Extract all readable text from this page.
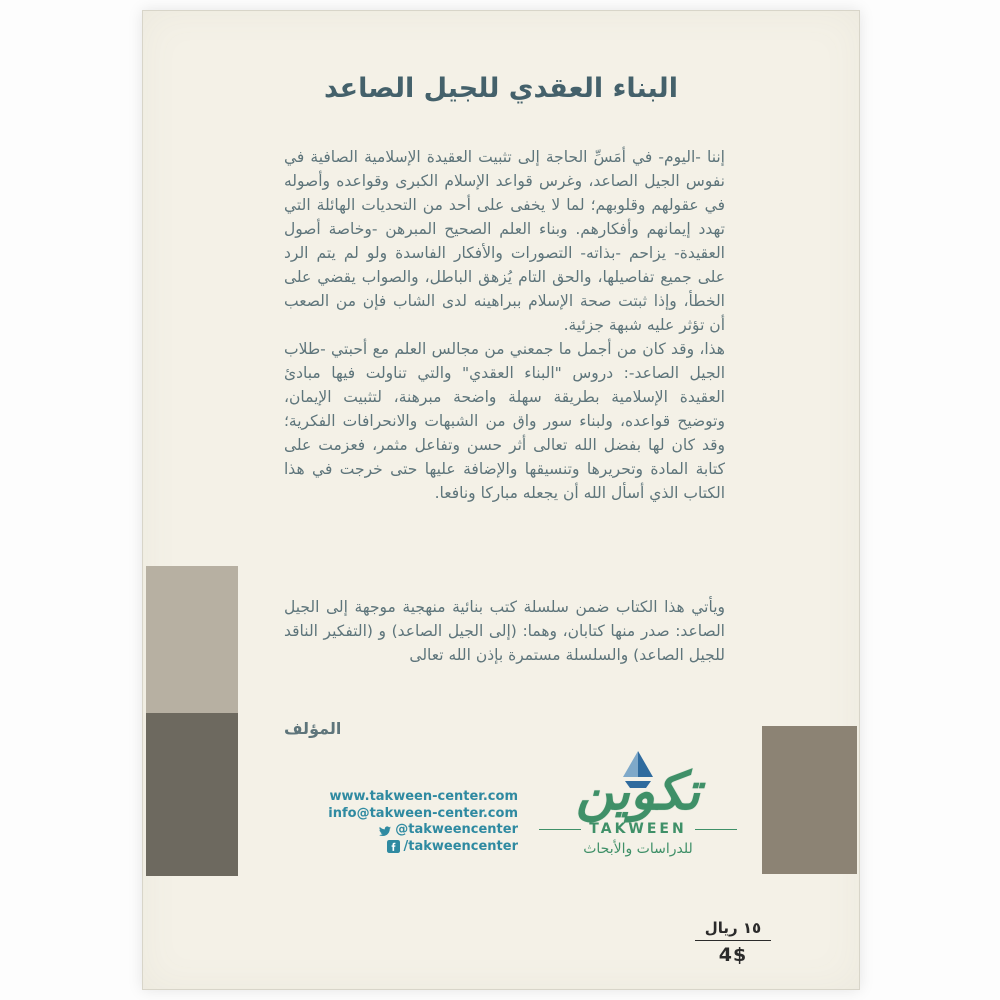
البناء العقدي للجيل الصاعد

إننا -اليوم- في أمَسِّ الحاجة إلى تثبيت العقيدة الإسلامية الصافية في نفوس الجيل الصاعد، وغرس قواعد الإسلام الكبرى وقواعده وأصوله في عقولهم وقلوبهم؛ لما لا يخفى على أحد من التحديات الهائلة التي تهدد إيمانهم وأفكارهم. وبناء العلم الصحيح المبرهن -وخاصة أصول العقيدة- يزاحم -بذاته- التصورات والأفكار الفاسدة ولو لم يتم الرد على جميع تفاصيلها، والحق التام يُزهق الباطل، والصواب يقضي على الخطأ، وإذا ثبتت صحة الإسلام ببراهينه لدى الشاب فإن من الصعب أن تؤثر عليه شبهة جزئية.

هذا، وقد كان من أجمل ما جمعني من مجالس العلم مع أحبتي -طلاب الجيل الصاعد-: دروس "البناء العقدي" والتي تناولت فيها مبادئ العقيدة الإسلامية بطريقة سهلة واضحة مبرهنة، لتثبيت الإيمان، وتوضيح قواعده، ولبناء سور واق من الشبهات والانحرافات الفكرية؛ وقد كان لها بفضل الله تعالى أثر حسن وتفاعل مثمر، فعزمت على كتابة المادة وتحريرها وتنسيقها والإضافة عليها حتى خرجت في هذا الكتاب الذي أسأل الله أن يجعله مباركا ونافعا.

ويأتي هذا الكتاب ضمن سلسلة كتب بنائية منهجية موجهة إلى الجيل الصاعد: صدر منها كتابان، وهما: (إلى الجيل الصاعد) و (التفكير الناقد للجيل الصاعد) والسلسلة مستمرة بإذن الله تعالى

المؤلف
www.takween-center.com
info@takween-center.com
@takweencenter
/takweencenter
تكوين
TAKWEEN
للدراسات والأبحاث
١٥ ريال
4$
